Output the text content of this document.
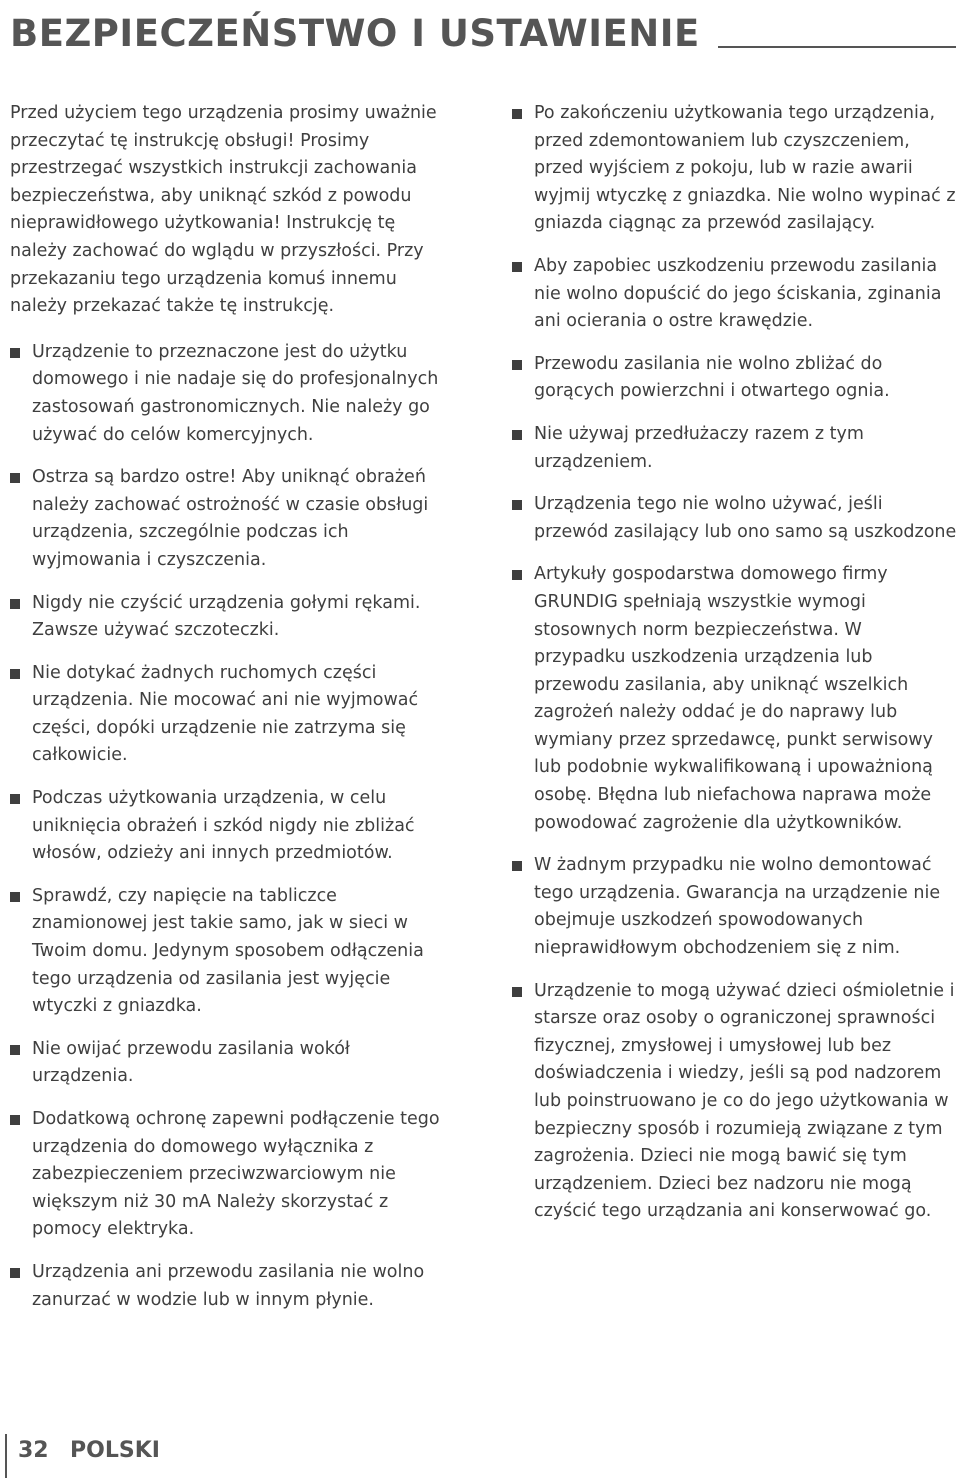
BEZPIECZEŃSTWO I USTAWIENIE

Przed użyciem tego urządzenia prosimy uważnie przeczytać tę instrukcję obsługi! Prosimy przestrzegać wszystkich instrukcji zachowania bezpieczeństwa, aby uniknąć szkód z powodu nieprawidłowego użytkowania! Instrukcję tę należy zachować do wglądu w przyszłości. Przy przekazaniu tego urządzenia komuś innemu należy przekazać także tę instrukcję.

Urządzenie to przeznaczone jest do użytku domowego i nie nadaje się do profesjonalnych zastosowań gastronomicznych. Nie należy go używać do celów komercyjnych.
Ostrza są bardzo ostre! Aby uniknąć obrażeń należy zachować ostrożność w czasie obsługi urządzenia, szczególnie podczas ich wyjmowania i czyszczenia.
Nigdy nie czyścić urządzenia gołymi rękami. Zawsze używać szczoteczki.
Nie dotykać żadnych ruchomych części urządzenia. Nie mocować ani nie wyjmować części, dopóki urządzenie nie zatrzyma się całkowicie.
Podczas użytkowania urządzenia, w celu uniknięcia obrażeń i szkód nigdy nie zbliżać włosów, odzieży ani innych przedmiotów.
Sprawdź, czy napięcie na tabliczce znamionowej jest takie samo, jak w sieci w Twoim domu. Jedynym sposobem odłączenia tego urządzenia od zasilania jest wyjęcie wtyczki z gniazdka.
Nie owijać przewodu zasilania wokół urządzenia.
Dodatkową ochronę zapewni podłączenie tego urządzenia do domowego wyłącznika z zabezpieczeniem przeciwzwarciowym nie większym niż 30 mA Należy skorzystać z pomocy elektryka.
Urządzenia ani przewodu zasilania nie wolno zanurzać w wodzie lub w innym płynie.
Po zakończeniu użytkowania tego urządzenia, przed zdemontowaniem lub czyszczeniem, przed wyjściem z pokoju, lub w razie awarii wyjmij wtyczkę z gniazdka. Nie wolno wypinać z gniazda ciągnąc za przewód zasilający.
Aby zapobiec uszkodzeniu przewodu zasilania nie wolno dopuścić do jego ściskania, zginania ani ocierania o ostre krawędzie.
Przewodu zasilania nie wolno zbliżać do gorących powierzchni i otwartego ognia.
Nie używaj przedłużaczy razem z tym urządzeniem.
Urządzenia tego nie wolno używać, jeśli przewód zasilający lub ono samo są uszkodzone
Artykuły gospodarstwa domowego firmy GRUNDIG spełniają wszystkie wymogi stosownych norm bezpieczeństwa. W przypadku uszkodzenia urządzenia lub przewodu zasilania, aby uniknąć wszelkich zagrożeń należy oddać je do naprawy lub wymiany przez sprzedawcę, punkt serwisowy lub podobnie wykwalifikowaną i upoważnioną osobę. Błędna lub niefachowa naprawa może powodować zagrożenie dla użytkowników.
W żadnym przypadku nie wolno demontować tego urządzenia. Gwarancja na urządzenie nie obejmuje uszkodzeń spowodowanych nieprawidłowym obchodzeniem się z nim.
Urządzenie to mogą używać dzieci ośmioletnie i starsze oraz osoby o ograniczonej sprawności fizycznej, zmysłowej i umysłowej lub bez doświadczenia i wiedzy, jeśli są pod nadzorem lub poinstruowano je co do jego użytkowania w bezpieczny sposób i rozumieją związane z tym zagrożenia. Dzieci nie mogą bawić się tym urządzeniem. Dzieci bez nadzoru nie mogą czyścić tego urządzania ani konserwować go.
32 POLSKI
